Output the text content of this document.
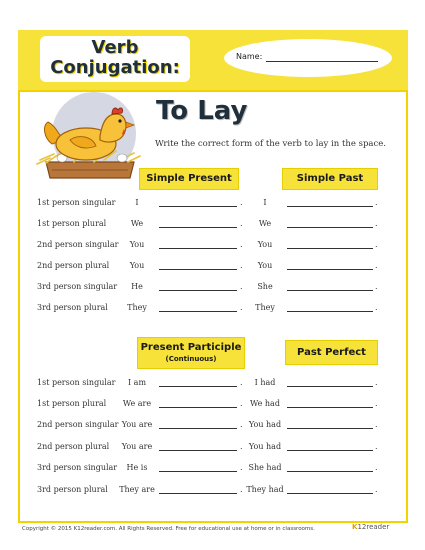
Verb
Conjugation:
Name:
To Lay
Write the correct form of the verb to lay in the space.
Simple Present	Simple Past
Present Participle
(Continuous)
Past Perfect
1st person singular	I	.	I	.
1st person plural	We	.	We	.
2nd person singular	You	.	You	.
2nd person plural	You	.	You	.
3rd person singular	He	.	She	.
3rd person plural	They	.	They	.
1st person singular	I am	.	I had	.
1st person plural	We are	. We had	.
2nd person singular You are	. You had	.
2nd person plural	You are	. You had	.
3rd person singular	He is	. She had	.
3rd person plural	They are	. They had	.
Copyright © 2015 K12reader.com. All Rights Reserved. Free for educational use at home or in classrooms.	K12reader
